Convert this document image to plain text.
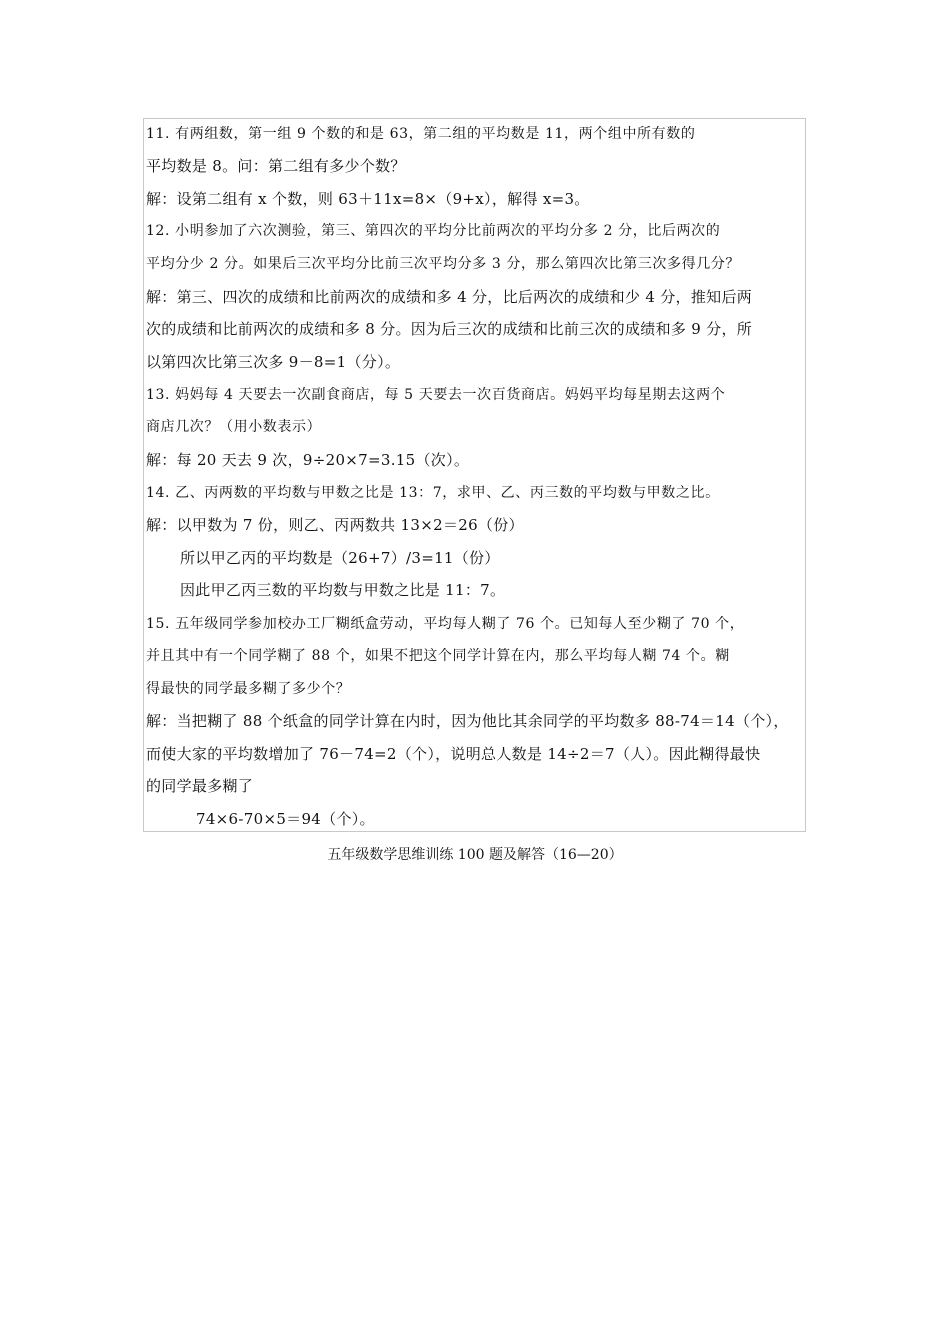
11. 有两组数，第一组 9 个数的和是 63，第二组的平均数是 11，两个组中所有数的
平均数是 8。问：第二组有多少个数？
解：设第二组有 x 个数，则 63＋11x=8×（9+x），解得 x=3。
12. 小明参加了六次测验，第三、第四次的平均分比前两次的平均分多 2 分，比后两次的
平均分少 2 分。如果后三次平均分比前三次平均分多 3 分，那么第四次比第三次多得几分？
解：第三、四次的成绩和比前两次的成绩和多 4 分，比后两次的成绩和少 4 分，推知后两
次的成绩和比前两次的成绩和多 8 分。因为后三次的成绩和比前三次的成绩和多 9 分，所
以第四次比第三次多 9－8=1（分）。
13. 妈妈每 4 天要去一次副食商店，每 5 天要去一次百货商店。妈妈平均每星期去这两个
商店几次？（用小数表示）
解：每 20 天去 9 次，9÷20×7=3.15（次）。
14. 乙、丙两数的平均数与甲数之比是 13：7，求甲、乙、丙三数的平均数与甲数之比。
解：以甲数为 7 份，则乙、丙两数共 13×2＝26（份）
所以甲乙丙的平均数是（26+7）/3=11（份）
因此甲乙丙三数的平均数与甲数之比是 11：7。
15. 五年级同学参加校办工厂糊纸盒劳动，平均每人糊了 76 个。已知每人至少糊了 70 个，
并且其中有一个同学糊了 88 个，如果不把这个同学计算在内，那么平均每人糊 74 个。糊
得最快的同学最多糊了多少个？
解：当把糊了 88 个纸盒的同学计算在内时，因为他比其余同学的平均数多 88-74＝14（个），
而使大家的平均数增加了 76－74=2（个），说明总人数是 14÷2＝7（人）。因此糊得最快
的同学最多糊了
74×6-70×5＝94（个）。
五年级数学思维训练 100 题及解答（16—20）
